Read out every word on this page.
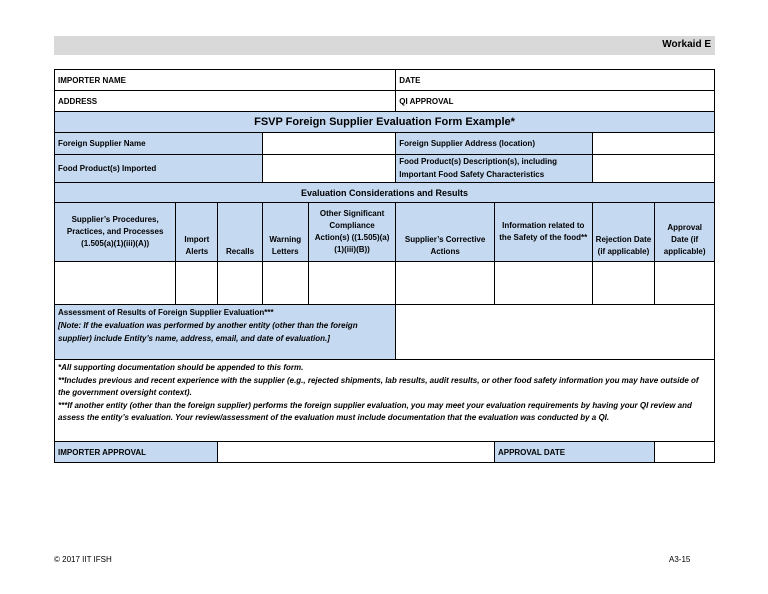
Workaid E
IMPORTER NAME					DATE			
ADDRESS					QI APPROVAL			
FSVP Foreign Supplier Evaluation Form Example*								
Foreign Supplier Name					Foreign Supplier Address (location)			
Food Product(s) Imported					Food Product(s) Description(s), including Important Food Safety Characteristics			
Evaluation Considerations and Results								
Supplier’s Procedures, Practices, and Processes (1.505(a)(1)(iii)(A))	Import Alerts	Recalls	Warning Letters	Other Significant Compliance Action(s) ((1.505)(a)(1)(iii)(B))	Supplier’s Corrective Actions	Information related to the Safety of the food**	Rejection Date (if applicable)	Approval Date (if applicable)

Assessment of Results of Foreign Supplier Evaluation***
[Note: If the evaluation was performed by another entity (other than the foreign supplier) include Entity’s name, address, email, and date of evaluation.]								

*All supporting documentation should be appended to this form.
**Includes previous and recent experience with the supplier (e.g., rejected shipments, lab results, audit results, or other food safety information you may have outside of the government oversight context).
***If another entity (other than the foreign supplier) performs the foreign supplier evaluation, you may meet your evaluation requirements by having your QI review and assess the entity’s evaluation. Your review/assessment of the evaluation must include documentation that the evaluation was conducted by a QI.								

IMPORTER APPROVAL						APPROVAL DATE		
© 2017 IIT IFSH	A3-15
